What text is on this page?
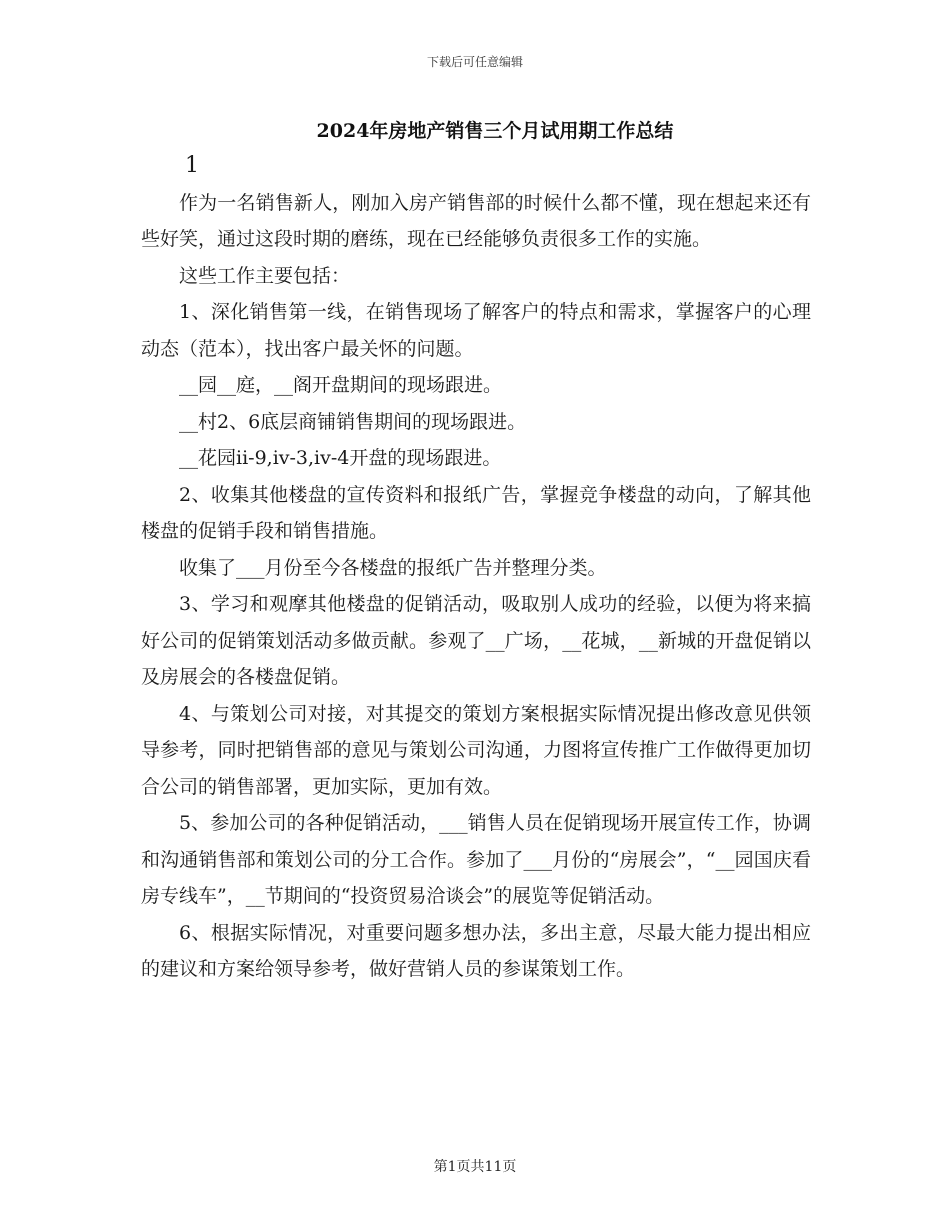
下载后可任意编辑
2024年房地产销售三个月试用期工作总结

1

作为一名销售新人，刚加入房产销售部的时候什么都不懂，现在想起来还有些好笑，通过这段时期的磨练，现在已经能够负责很多工作的实施。

这些工作主要包括：

1、深化销售第一线，在销售现场了解客户的特点和需求，掌握客户的心理动态（范本），找出客户最关怀的问题。

__园__庭，__阁开盘期间的现场跟进。

__村2、6底层商铺销售期间的现场跟进。

__花园ii-9,iv-3,iv-4开盘的现场跟进。

2、收集其他楼盘的宣传资料和报纸广告，掌握竞争楼盘的动向，了解其他楼盘的促销手段和销售措施。

收集了___月份至今各楼盘的报纸广告并整理分类。

3、学习和观摩其他楼盘的促销活动，吸取别人成功的经验，以便为将来搞好公司的促销策划活动多做贡献。参观了__广场，__花城，__新城的开盘促销以及房展会的各楼盘促销。

4、与策划公司对接，对其提交的策划方案根据实际情况提出修改意见供领导参考，同时把销售部的意见与策划公司沟通，力图将宣传推广工作做得更加切合公司的销售部署，更加实际，更加有效。

5、参加公司的各种促销活动，___销售人员在促销现场开展宣传工作，协调和沟通销售部和策划公司的分工合作。参加了___月份的“房展会”，“__园国庆看房专线车”，__节期间的“投资贸易洽谈会”的展览等促销活动。

6、根据实际情况，对重要问题多想办法，多出主意，尽最大能力提出相应的建议和方案给领导参考，做好营销人员的参谋策划工作。

第1页共11页
